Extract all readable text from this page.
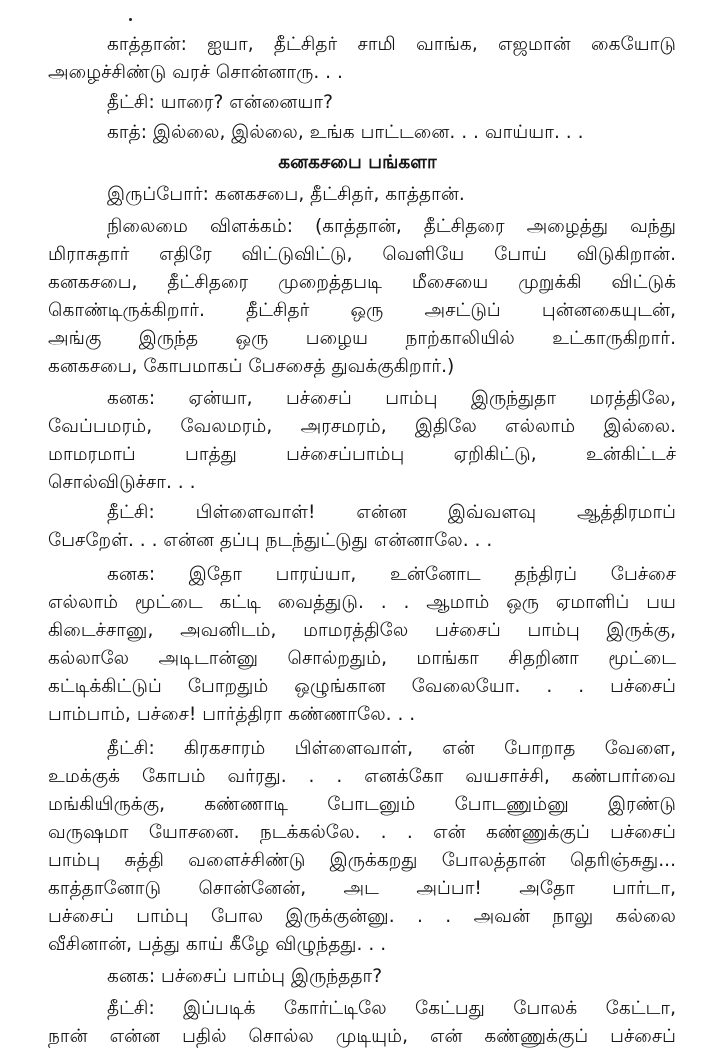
காத்தான்: ஐயா, தீட்சிதர் சாமி வாங்க, எஜமான் கையோடு
அழைச்சிண்டு வரச் சொன்னாரு. . .
தீட்சி: யாரை? என்னையா?
காத்: இல்லை, இல்லை, உங்க பாட்டனை. . . வாய்யா. . .
கனகசபை பங்களா
இருப்போர்: கனகசபை, தீட்சிதர், காத்தான்.
நிலைமை விளக்கம்: (காத்தான், தீட்சிதரை அழைத்து வந்து
மிராசுதார் எதிரே விட்டுவிட்டு, வெளியே போய் விடுகிறான்.
கனகசபை, தீட்சிதரை முறைத்தபடி மீசையை முறுக்கி விட்டுக்
கொண்டிருக்கிறார். தீட்சிதர் ஒரு அசட்டுப் புன்னகையுடன்,
அங்கு இருந்த ஒரு பழைய நாற்காலியில் உட்காருகிறார்.
கனகசபை, கோபமாகப் பேசசைத் துவக்குகிறார்.)
கனக: ஏன்யா, பச்சைப் பாம்பு இருந்துதா மரத்திலே,
வேப்பமரம், வேலமரம், அரசமரம், இதிலே எல்லாம் இல்லை.
மாமரமாப் பாத்து பச்சைப்பாம்பு ஏறிகிட்டு, உன்கிட்டச்
சொல்விடுச்சா. . .
தீட்சி: பிள்ளைவாள்! என்ன இவ்வளவு ஆத்திரமாப்
பேசறேள். . . என்ன தப்பு நடந்துட்டுது என்னாலே. . .
கனக: இதோ பாரய்யா, உன்னோட தந்திரப் பேச்சை
எல்லாம் மூட்டை கட்டி வைத்துடு. . . ஆமாம் ஒரு ஏமாளிப் பய
கிடைச்சானு, அவனிடம், மாமரத்திலே பச்சைப் பாம்பு இருக்கு,
கல்லாலே அடிடான்னு சொல்றதும், மாங்கா சிதறினா மூட்டை
கட்டிக்கிட்டுப் போறதும் ஒழுங்கான வேலையோ. . . பச்சைப்
பாம்பாம், பச்சை! பார்த்திரா கண்ணாலே. . .
தீட்சி: கிரகசாரம் பிள்ளைவாள், என் போறாத வேளை,
உமக்குக் கோபம் வர்ரது. . . எனக்கோ வயசாச்சி, கண்பார்வை
மங்கியிருக்கு, கண்ணாடி போடனும் போடணும்னு இரண்டு
வருஷமா யோசனை. நடக்கல்லே. . . என் கண்ணுக்குப் பச்சைப்
பாம்பு சுத்தி வளைச்சிண்டு இருக்கறது போலத்தான் தெரிஞ்சுது...
காத்தானோடு சொன்னேன், அட அப்பா! அதோ பார்டா,
பச்சைப் பாம்பு போல இருக்குன்னு. . . அவன் நாலு கல்லை
வீசினான், பத்து காய் கீழே விழுந்தது. . .
கனக: பச்சைப் பாம்பு இருந்ததா?
தீட்சி: இப்படிக் கோர்ட்டிலே கேட்பது போலக் கேட்டா,
நான் என்ன பதில் சொல்ல முடியும், என் கண்ணுக்குப் பச்சைப்
